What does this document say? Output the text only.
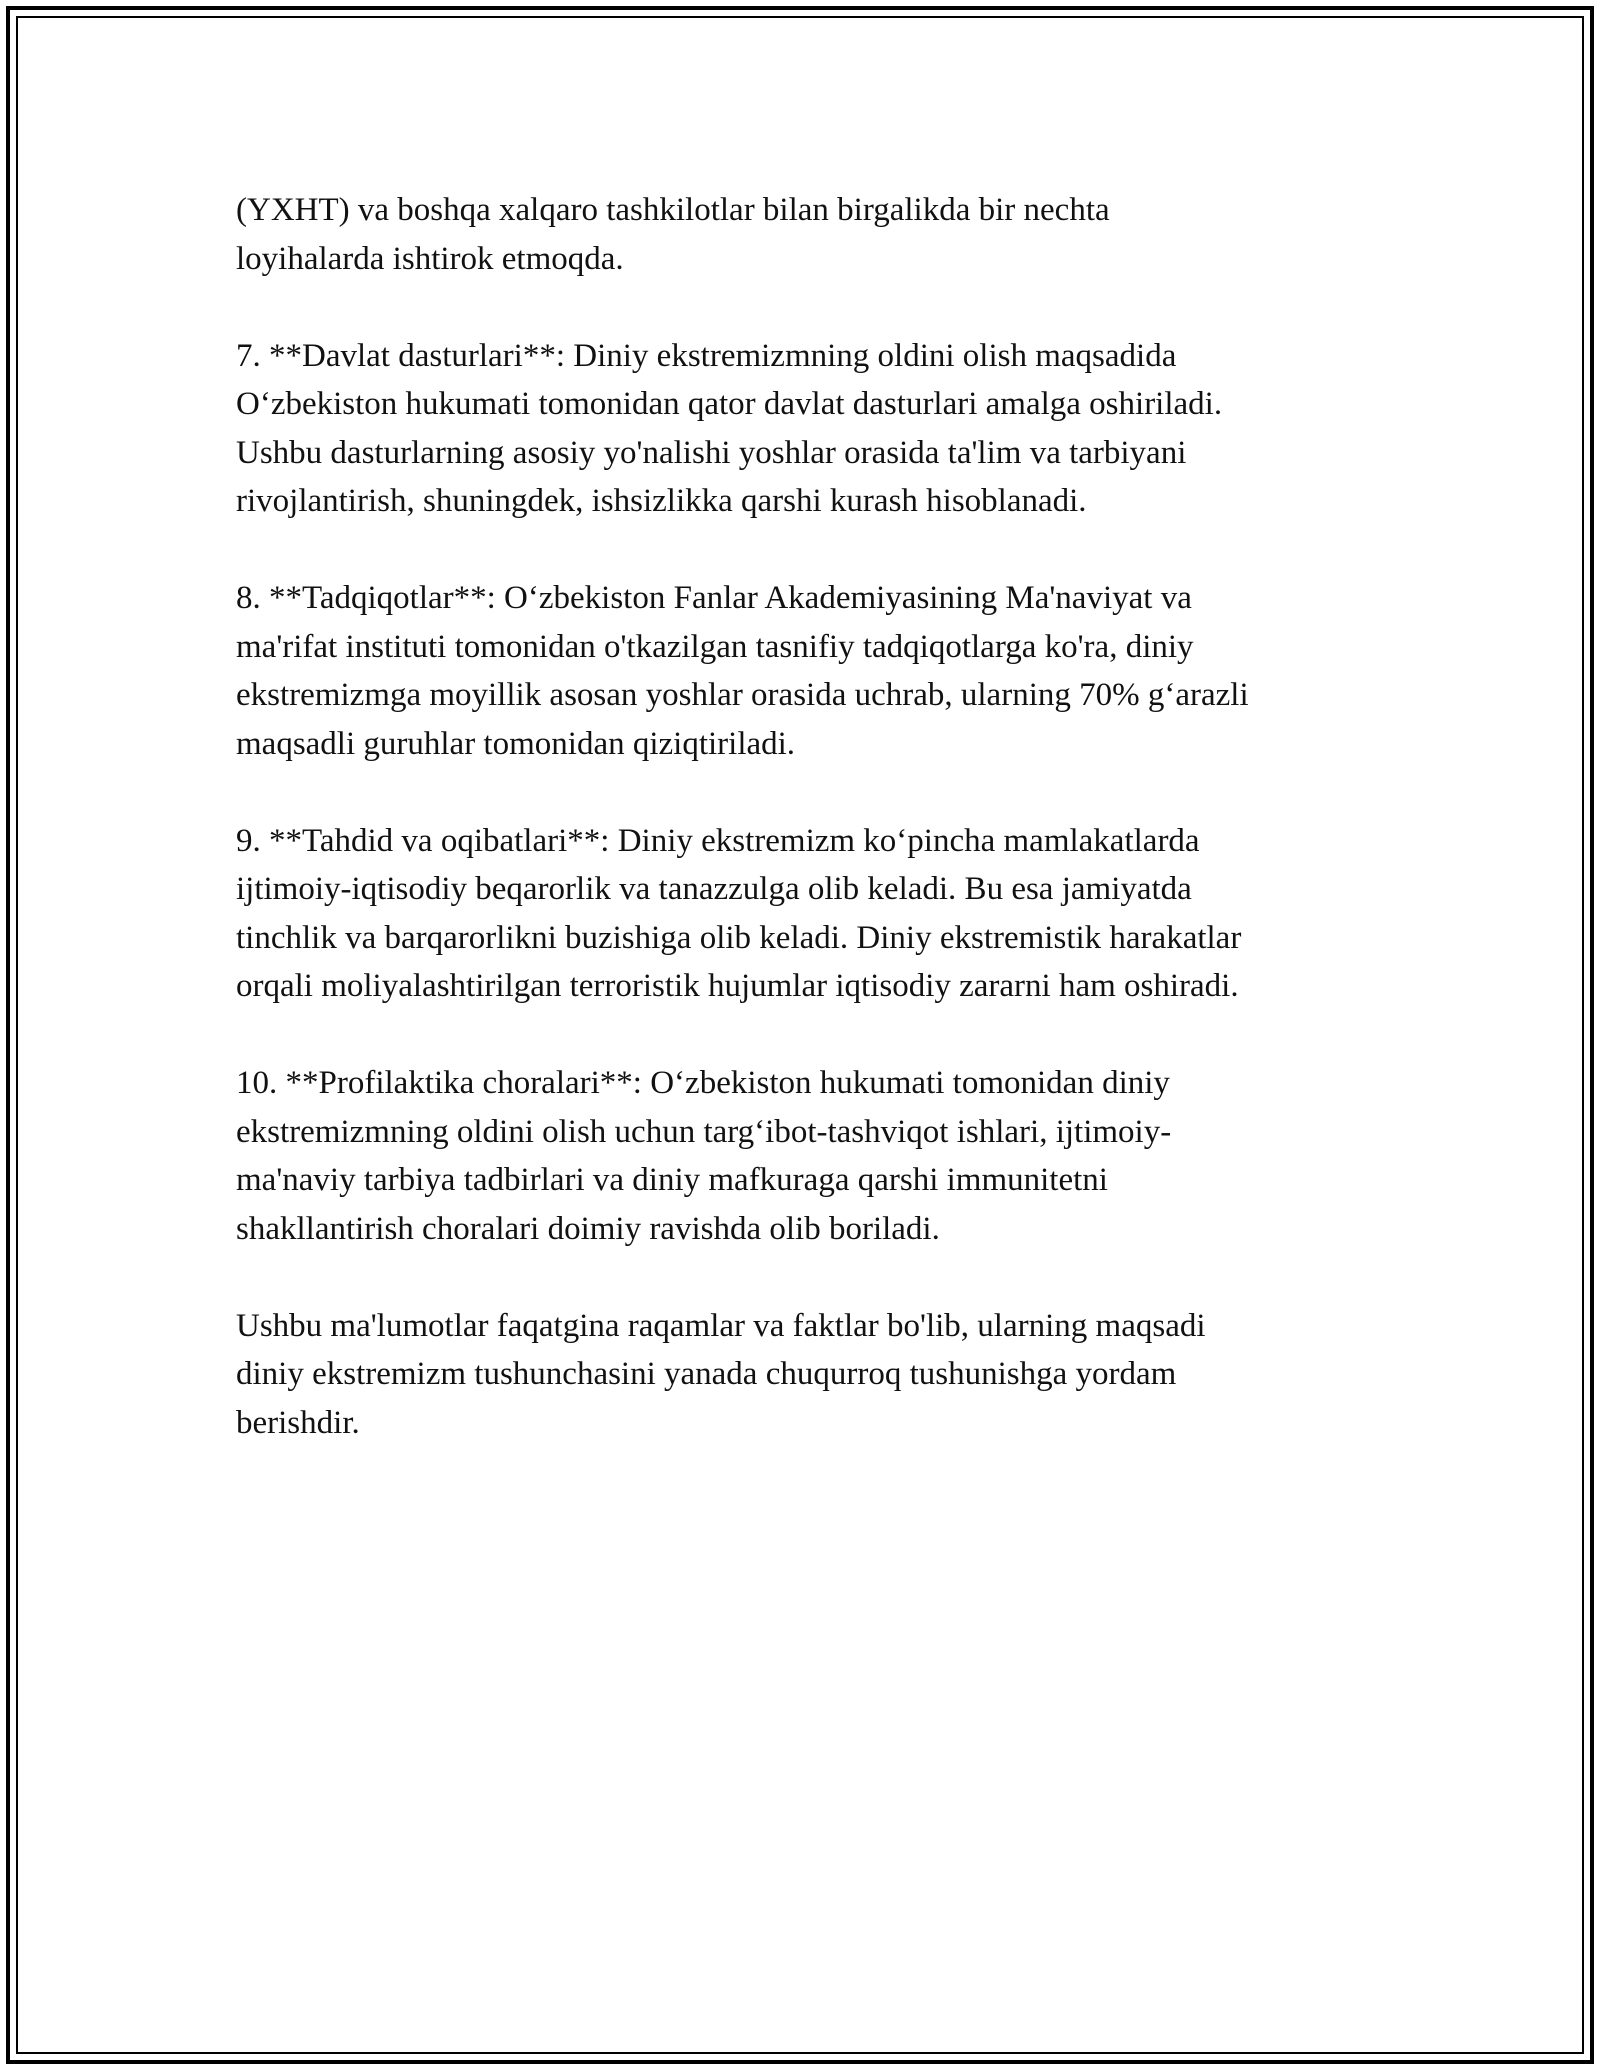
(YXHT) va boshqa xalqaro tashkilotlar bilan birgalikda bir nechta
loyihalarda ishtirok etmoqda.

7. **Davlat dasturlari**: Diniy ekstremizmning oldini olish maqsadida
O‘zbekiston hukumati tomonidan qator davlat dasturlari amalga oshiriladi.
Ushbu dasturlarning asosiy yo'nalishi yoshlar orasida ta'lim va tarbiyani
rivojlantirish, shuningdek, ishsizlikka qarshi kurash hisoblanadi.

8. **Tadqiqotlar**: O‘zbekiston Fanlar Akademiyasining Ma'naviyat va
ma'rifat instituti tomonidan o'tkazilgan tasnifiy tadqiqotlarga ko'ra, diniy
ekstremizmga moyillik asosan yoshlar orasida uchrab, ularning 70% g‘arazli
maqsadli guruhlar tomonidan qiziqtiriladi.

9. **Tahdid va oqibatlari**: Diniy ekstremizm ko‘pincha mamlakatlarda
ijtimoiy-iqtisodiy beqarorlik va tanazzulga olib keladi. Bu esa jamiyatda
tinchlik va barqarorlikni buzishiga olib keladi. Diniy ekstremistik harakatlar
orqali moliyalashtirilgan terroristik hujumlar iqtisodiy zararni ham oshiradi.

10. **Profilaktika choralari**: O‘zbekiston hukumati tomonidan diniy
ekstremizmning oldini olish uchun targ‘ibot-tashviqot ishlari, ijtimoiy-
ma'naviy tarbiya tadbirlari va diniy mafkuraga qarshi immunitetni
shakllantirish choralari doimiy ravishda olib boriladi.

Ushbu ma'lumotlar faqatgina raqamlar va faktlar bo'lib, ularning maqsadi
diniy ekstremizm tushunchasini yanada chuqurroq tushunishga yordam
berishdir.
